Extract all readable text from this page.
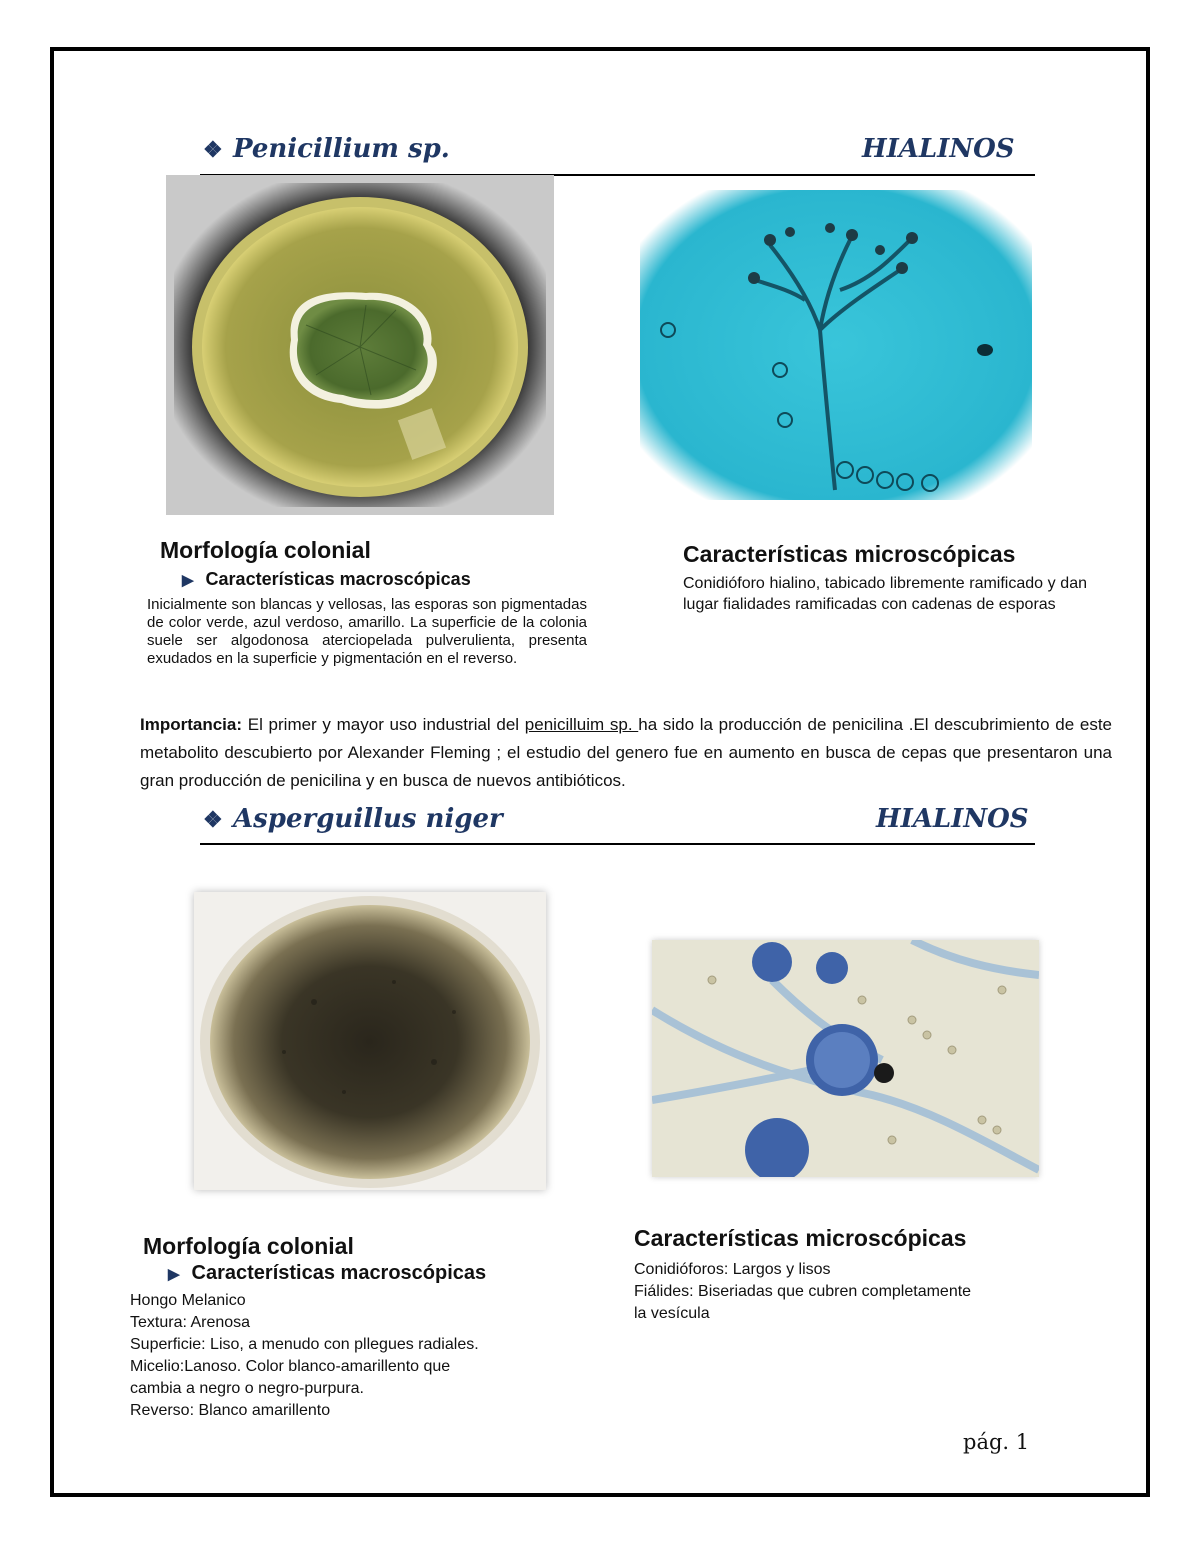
❖ Penicillium sp.	HIALINOS
Morfología colonial
▶ Características macroscópicas
Inicialmente son blancas y vellosas, las esporas son pigmentadas de color verde, azul verdoso, amarillo. La superficie de la colonia suele ser algodonosa aterciopelada pulverulienta, presenta exudados en la superficie y pigmentación en el reverso.
Características microscópicas
Conidióforo hialino, tabicado libremente ramificado y dan lugar fialidades ramificadas con cadenas de esporas
Importancia: El primer y mayor uso industrial del penicilluim sp. ha sido la producción de penicilina .El descubrimiento de este metabolito descubierto por Alexander Fleming ; el estudio del genero fue en aumento en busca de cepas que presentaron una gran producción de penicilina y en busca de nuevos antibióticos.
❖ Asperguillus niger	HIALINOS
Morfología colonial
▶ Características macroscópicas
Hongo Melanico
Textura: Arenosa
Superficie: Liso, a menudo con pllegues radiales.
Micelio:Lanoso. Color blanco-amarillento que
cambia a negro o negro-purpura.
Reverso: Blanco amarillento
Características microscópicas
Conidióforos: Largos y lisos
Fiálides: Biseriadas que cubren completamente
la vesícula
pág. 1
